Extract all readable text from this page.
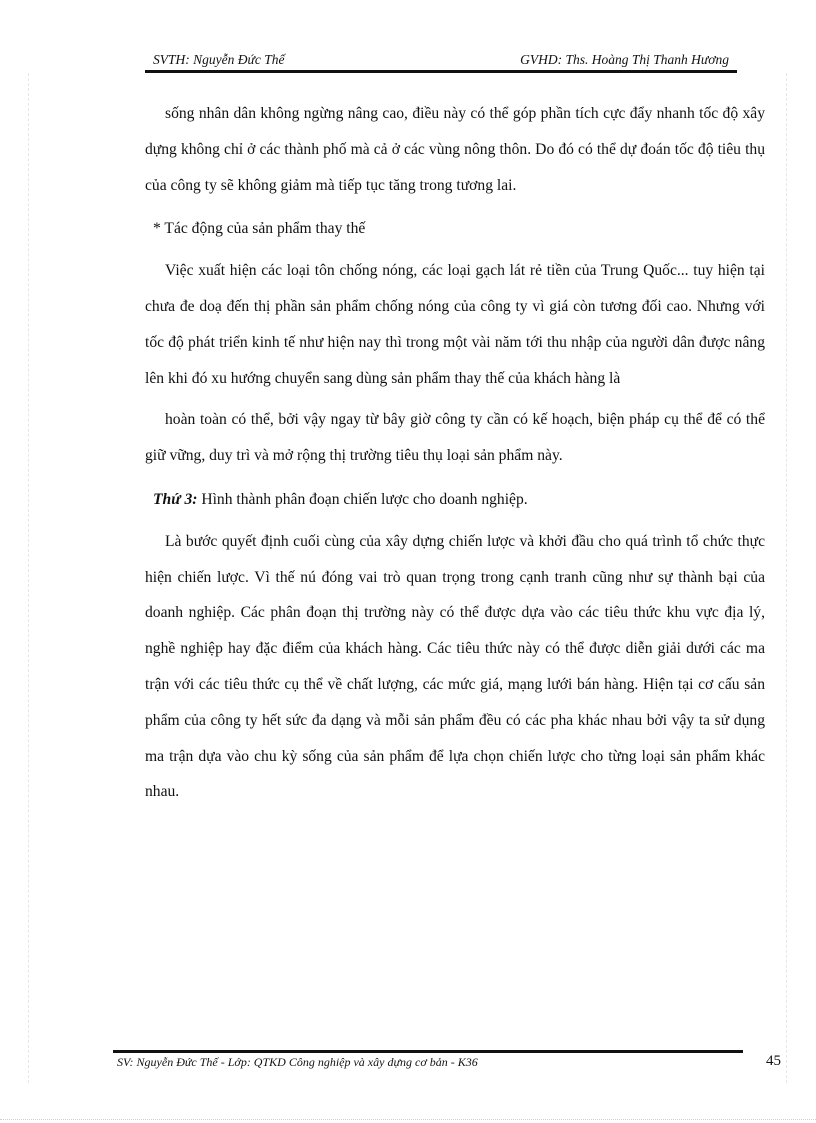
SVTH: Nguyễn Đức Thế	GVHD: Ths. Hoàng Thị Thanh Hương

sống nhân dân không ngừng nâng cao, điều này có thể góp phần tích cực đẩy nhanh tốc độ xây dựng không chỉ ở các thành phố mà cả ở các vùng nông thôn. Do đó có thể dự đoán tốc độ tiêu thụ của công ty sẽ không giảm mà tiếp tục tăng trong tương lai.

* Tác động của sản phẩm thay thế

Việc xuất hiện các loại tôn chống nóng, các loại gạch lát rẻ tiền của Trung Quốc... tuy hiện tại chưa đe doạ đến thị phần sản phẩm chống nóng của công ty vì giá còn tương đối cao. Nhưng với tốc độ phát triển kinh tế như hiện nay thì trong một vài năm tới thu nhập của người dân được nâng lên khi đó xu hướng chuyển sang dùng sản phẩm thay thế của khách hàng là

hoàn toàn có thể, bởi vậy ngay từ bây giờ công ty cần có kế hoạch, biện pháp cụ thể để có thể giữ vững, duy trì và mở rộng thị trường tiêu thụ loại sản phẩm này.

Thứ 3: Hình thành phân đoạn chiến lược cho doanh nghiệp.

Là bước quyết định cuối cùng của xây dựng chiến lược và khởi đầu cho quá trình tổ chức thực hiện chiến lược. Vì thế nú đóng vai trò quan trọng trong cạnh tranh cũng như sự thành bại của doanh nghiệp. Các phân đoạn thị trường này có thể được dựa vào các tiêu thức khu vực địa lý, nghề nghiệp hay đặc điểm của khách hàng. Các tiêu thức này có thể được diễn giải dưới các ma trận với các tiêu thức cụ thể về chất lượng, các mức giá, mạng lưới bán hàng. Hiện tại cơ cấu sản phẩm của công ty hết sức đa dạng và mỗi sản phẩm đều có các pha khác nhau bởi vậy ta sử dụng ma trận dựa vào chu kỳ sống của sản phẩm để lựa chọn chiến lược cho từng loại sản phẩm khác nhau.

SV: Nguyễn Đức Thế - Lớp: QTKD Công nghiệp và xây dựng cơ bản - K36	45
